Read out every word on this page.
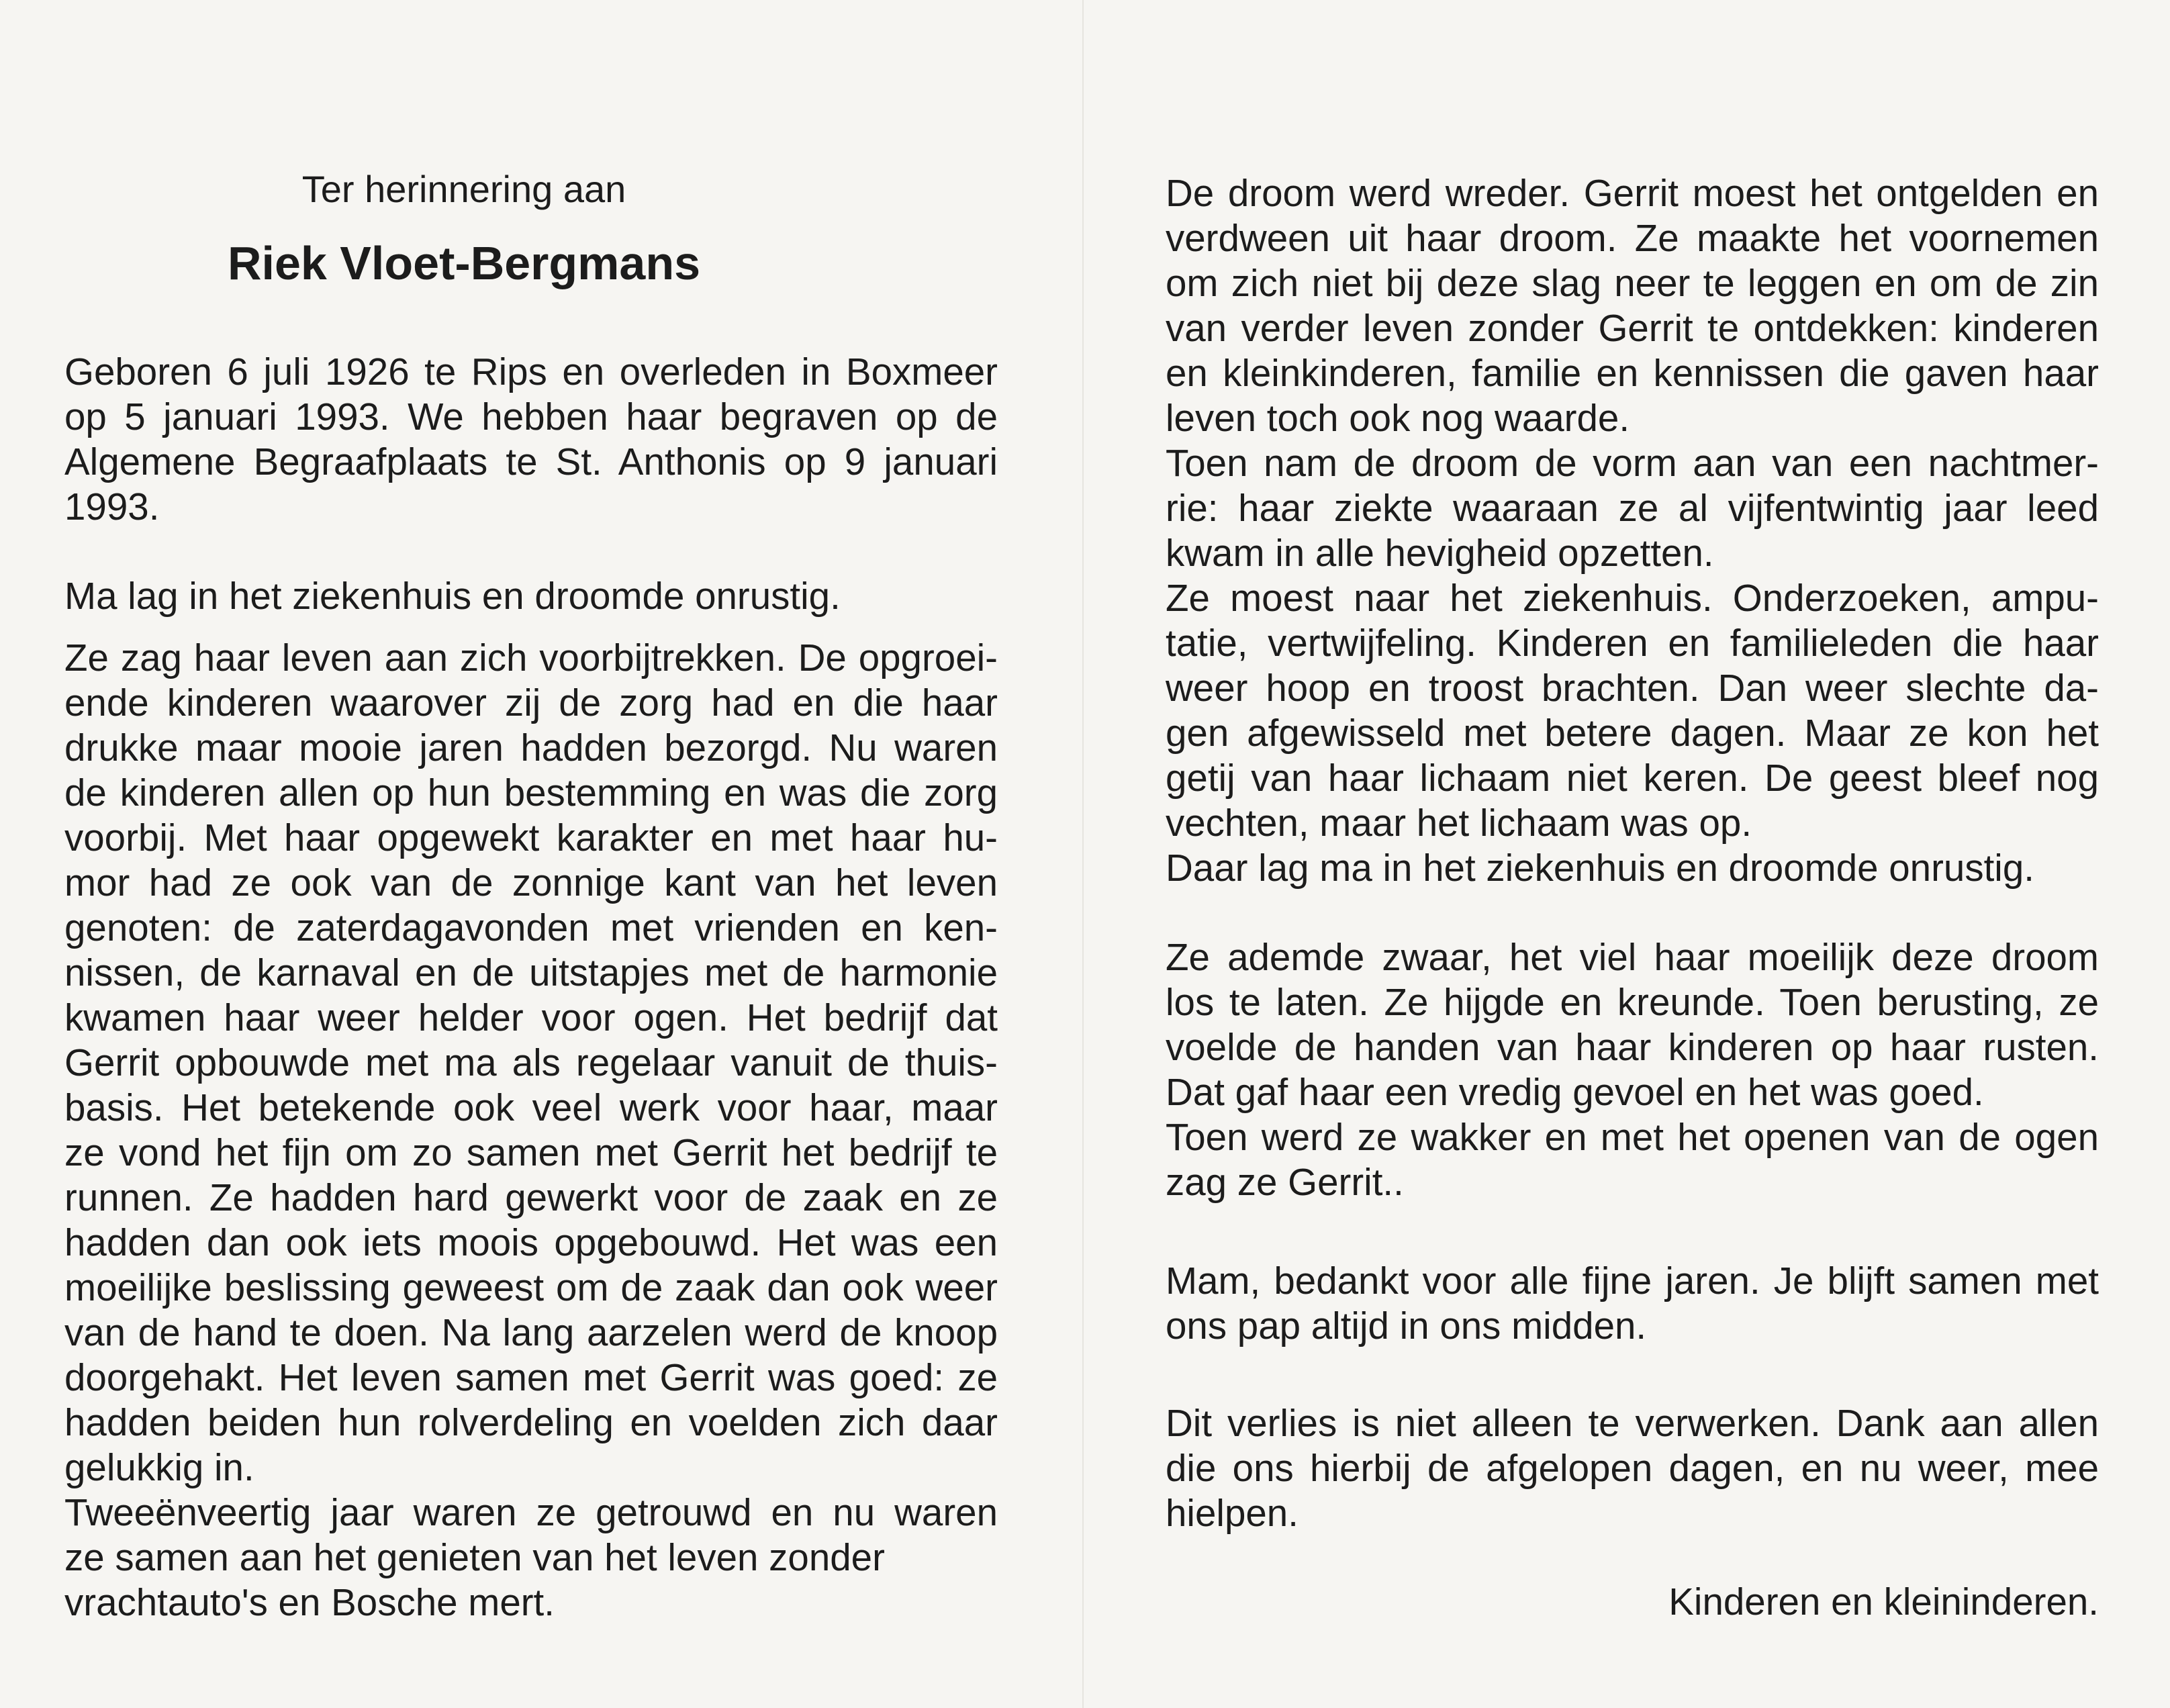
Ter herinnering aan
Riek Vloet-Bergmans
Geboren 6 juli 1926 te Rips en overleden in Boxmeer
op 5 januari 1993. We hebben haar begraven op de
Algemene Begraafplaats te St. Anthonis op 9 januari
1993.
Ma lag in het ziekenhuis en droomde onrustig.
Ze zag haar leven aan zich voorbijtrekken. De opgroei-
ende kinderen waarover zij de zorg had en die haar
drukke maar mooie jaren hadden bezorgd. Nu waren
de kinderen allen op hun bestemming en was die zorg
voorbij. Met haar opgewekt karakter en met haar hu-
mor had ze ook van de zonnige kant van het leven
genoten: de zaterdagavonden met vrienden en ken-
nissen, de karnaval en de uitstapjes met de harmonie
kwamen haar weer helder voor ogen. Het bedrijf dat
Gerrit opbouwde met ma als regelaar vanuit de thuis-
basis. Het betekende ook veel werk voor haar, maar
ze vond het fijn om zo samen met Gerrit het bedrijf te
runnen. Ze hadden hard gewerkt voor de zaak en ze
hadden dan ook iets moois opgebouwd. Het was een
moeilijke beslissing geweest om de zaak dan ook weer
van de hand te doen. Na lang aarzelen werd de knoop
doorgehakt. Het leven samen met Gerrit was goed: ze
hadden beiden hun rolverdeling en voelden zich daar
gelukkig in.
Tweeënveertig jaar waren ze getrouwd en nu waren
ze samen aan het genieten van het leven zonder
vrachtauto's en Bosche mert.
De droom werd wreder. Gerrit moest het ontgelden en
verdween uit haar droom. Ze maakte het voornemen
om zich niet bij deze slag neer te leggen en om de zin
van verder leven zonder Gerrit te ontdekken: kinderen
en kleinkinderen, familie en kennissen die gaven haar
leven toch ook nog waarde.
Toen nam de droom de vorm aan van een nachtmer-
rie: haar ziekte waaraan ze al vijfentwintig jaar leed
kwam in alle hevigheid opzetten.
Ze moest naar het ziekenhuis. Onderzoeken, ampu-
tatie, vertwijfeling. Kinderen en familieleden die haar
weer hoop en troost brachten. Dan weer slechte da-
gen afgewisseld met betere dagen. Maar ze kon het
getij van haar lichaam niet keren. De geest bleef nog
vechten, maar het lichaam was op.
Daar lag ma in het ziekenhuis en droomde onrustig.
Ze ademde zwaar, het viel haar moeilijk deze droom
los te laten. Ze hijgde en kreunde. Toen berusting, ze
voelde de handen van haar kinderen op haar rusten.
Dat gaf haar een vredig gevoel en het was goed.
Toen werd ze wakker en met het openen van de ogen
zag ze Gerrit..
Mam, bedankt voor alle fijne jaren. Je blijft samen met
ons pap altijd in ons midden.
Dit verlies is niet alleen te verwerken. Dank aan allen
die ons hierbij de afgelopen dagen, en nu weer, mee
hielpen.
Kinderen en kleininderen.
